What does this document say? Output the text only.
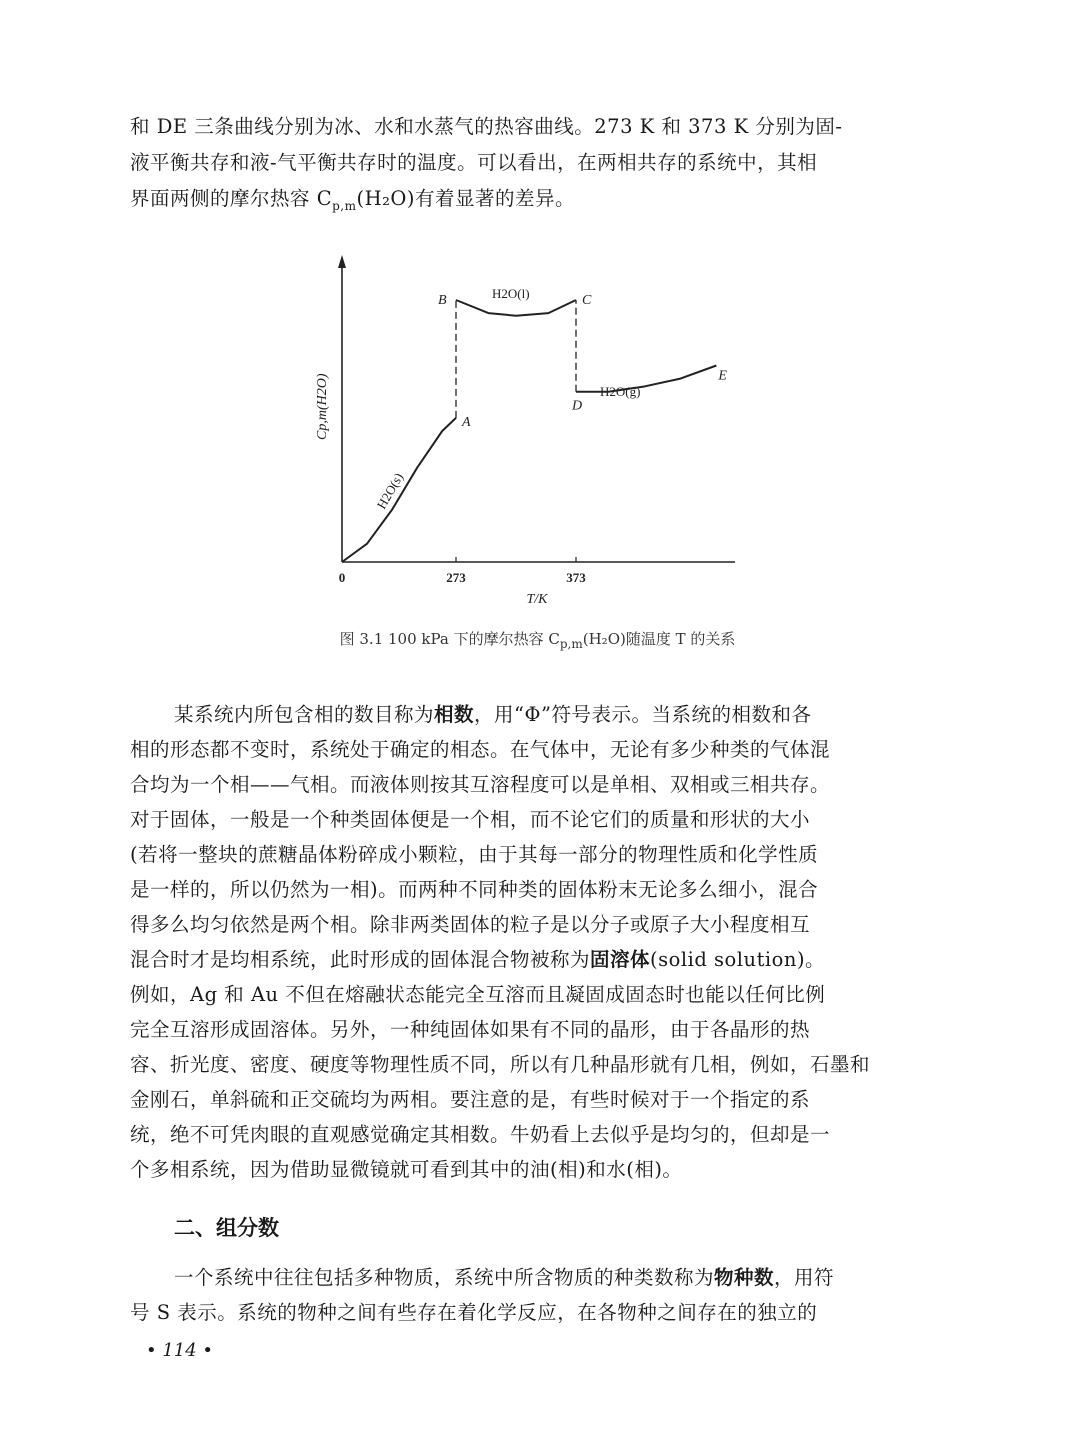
和 DE 三条曲线分别为冰、水和水蒸气的热容曲线。273 K 和 373 K 分别为固-
液平衡共存和液-气平衡共存时的温度。可以看出，在两相共存的系统中，其相
界面两侧的摩尔热容 $C_{p,m}(H_2O)$有着显著的差异。
0	273	373
A
B	C
D
E
H2O(s)
H2O(l)
H2O(g)
Cp,m(H2O)
T/K
图 3.1 100 kPa 下的摩尔热容 $C_{p,m}(H_2O)$随温度 T 的关系
某系统内所包含相的数目称为相数，用“Φ”符号表示。当系统的相数和各
相的形态都不变时，系统处于确定的相态。在气体中，无论有多少种类的气体混
合均为一个相——气相。而液体则按其互溶程度可以是单相、双相或三相共存。
对于固体，一般是一个种类固体便是一个相，而不论它们的质量和形状的大小
(若将一整块的蔗糖晶体粉碎成小颗粒，由于其每一部分的物理性质和化学性质
是一样的，所以仍然为一相)。而两种不同种类的固体粉末无论多么细小，混合
得多么均匀依然是两个相。除非两类固体的粒子是以分子或原子大小程度相互
混合时才是均相系统，此时形成的固体混合物被称为固溶体(solid solution)。
例如，Ag 和 Au 不但在熔融状态能完全互溶而且凝固成固态时也能以任何比例
完全互溶形成固溶体。另外，一种纯固体如果有不同的晶形，由于各晶形的热
容、折光度、密度、硬度等物理性质不同，所以有几种晶形就有几相，例如，石墨和
金刚石，单斜硫和正交硫均为两相。要注意的是，有些时候对于一个指定的系
统，绝不可凭肉眼的直观感觉确定其相数。牛奶看上去似乎是均匀的，但却是一
个多相系统，因为借助显微镜就可看到其中的油(相)和水(相)。
二、组分数
一个系统中往往包括多种物质，系统中所含物质的种类数称为物种数，用符
号 S 表示。系统的物种之间有些存在着化学反应，在各物种之间存在的独立的
• 114 •
